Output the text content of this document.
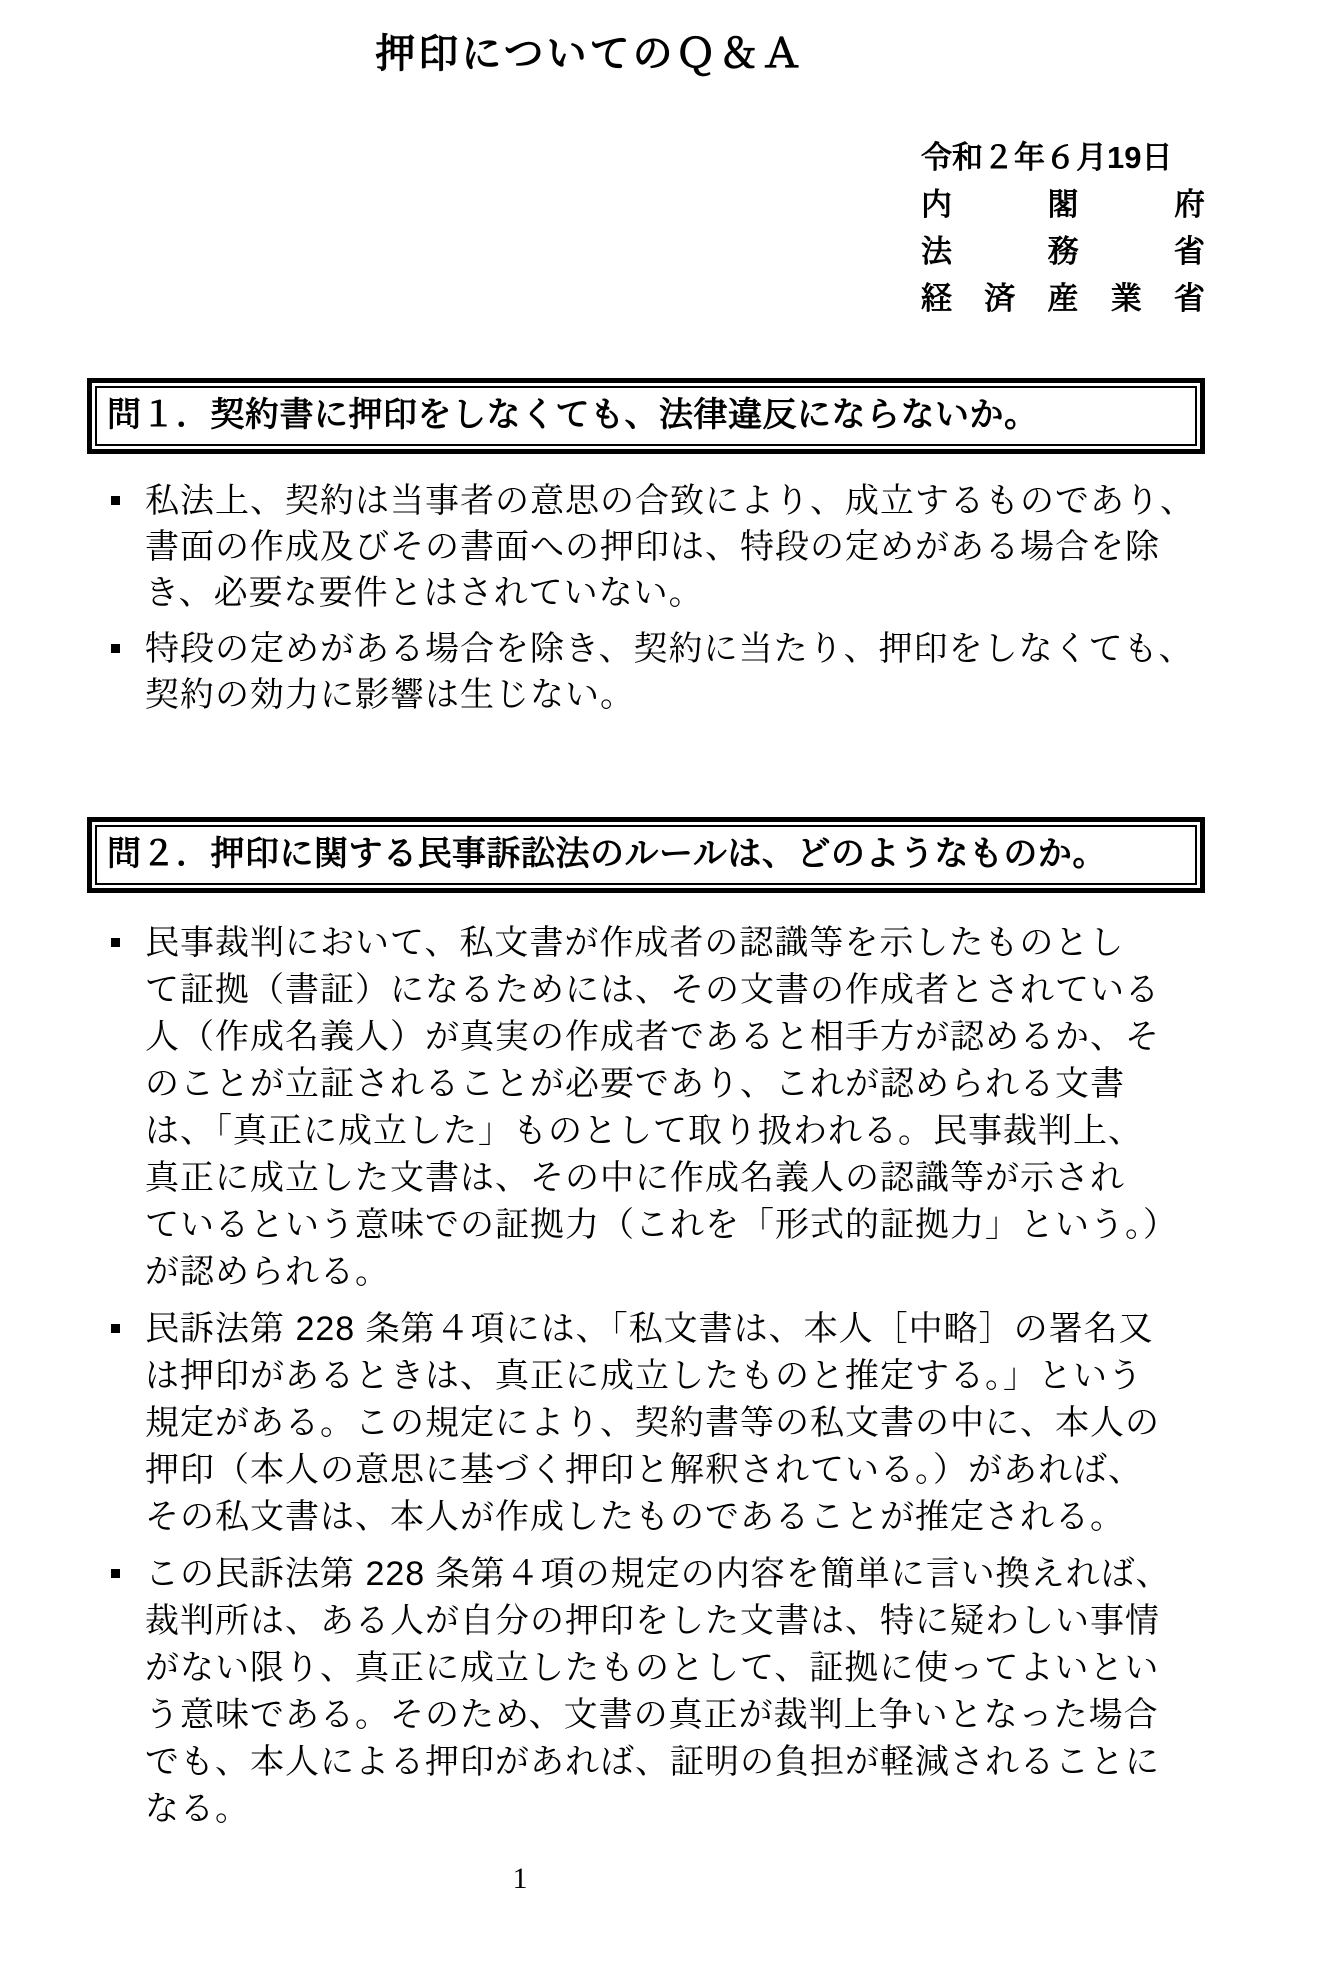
押印についてのＱ＆Ａ
令和２年６月19日
内	閣	府
法	務	省
経 済 産 業 省
問１．契約書に押印をしなくても、法律違反にならないか。
私法上、契約は当事者の意思の合致により、成立するものであり、
書面の作成及びその書面への押印は、特段の定めがある場合を除
き、必要な要件とはされていない。
特段の定めがある場合を除き、契約に当たり、押印をしなくても、
契約の効力に影響は生じない。
問２．押印に関する民事訴訟法のルールは、どのようなものか。
民事裁判において、私文書が作成者の認識等を示したものとし
て証拠（書証）になるためには、その文書の作成者とされている
人（作成名義人）が真実の作成者であると相手方が認めるか、そ
のことが立証されることが必要であり、これが認められる文書
は、「真正に成立した」ものとして取り扱われる。民事裁判上、
真正に成立した文書は、その中に作成名義人の認識等が示され
ているという意味での証拠力（これを「形式的証拠力」という。）
が認められる。
民訴法第 228 条第４項には、「私文書は、本人［中略］の署名又
は押印があるときは、真正に成立したものと推定する。」という
規定がある。この規定により、契約書等の私文書の中に、本人の
押印（本人の意思に基づく押印と解釈されている。）があれば、
その私文書は、本人が作成したものであることが推定される。
この民訴法第 228 条第４項の規定の内容を簡単に言い換えれば、
裁判所は、ある人が自分の押印をした文書は、特に疑わしい事情
がない限り、真正に成立したものとして、証拠に使ってよいとい
う意味である。そのため、文書の真正が裁判上争いとなった場合
でも、本人による押印があれば、証明の負担が軽減されることに
なる。
1
